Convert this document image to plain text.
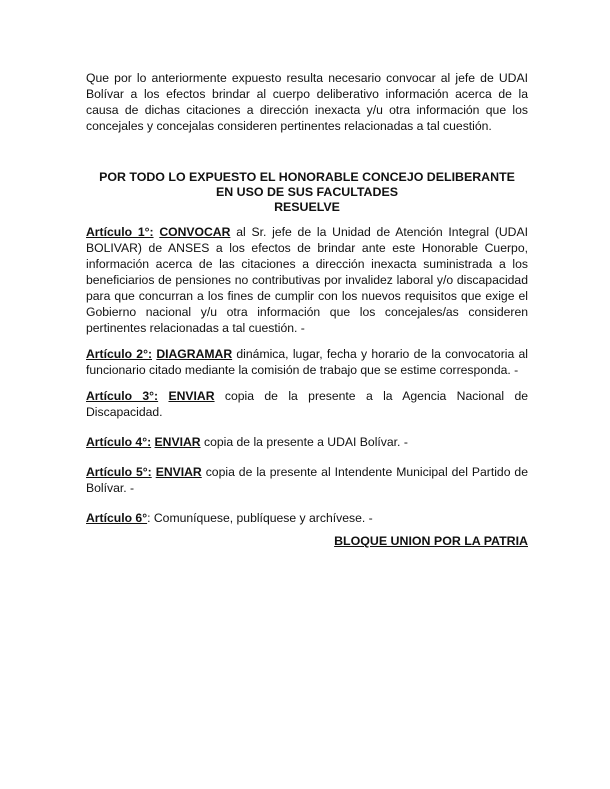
Que por lo anteriormente expuesto resulta necesario convocar al jefe de UDAI Bolívar a los efectos brindar al cuerpo deliberativo información acerca de la causa de dichas citaciones a dirección inexacta y/u otra información que los concejales y concejalas consideren pertinentes relacionadas a tal cuestión.

POR TODO LO EXPUESTO EL HONORABLE CONCEJO DELIBERANTE
EN USO DE SUS FACULTADES
RESUELVE

Artículo 1°: CONVOCAR al Sr. jefe de la Unidad de Atención Integral (UDAI BOLIVAR) de ANSES a los efectos de brindar ante este Honorable Cuerpo, información acerca de las citaciones a dirección inexacta suministrada a los beneficiarios de pensiones no contributivas por invalidez laboral y/o discapacidad para que concurran a los fines de cumplir con los nuevos requisitos que exige el Gobierno nacional y/u otra información que los concejales/as consideren pertinentes relacionadas a tal cuestión. -

Artículo 2°: DIAGRAMAR dinámica, lugar, fecha y horario de la convocatoria al funcionario citado mediante la comisión de trabajo que se estime corresponda. -

Artículo 3°: ENVIAR copia de la presente a la Agencia Nacional de Discapacidad.

Artículo 4°: ENVIAR copia de la presente a UDAI Bolívar. -

Artículo 5°: ENVIAR copia de la presente al Intendente Municipal del Partido de Bolívar. -

Artículo 6°: Comuníquese, publíquese y archívese. -

BLOQUE UNION POR LA PATRIA
